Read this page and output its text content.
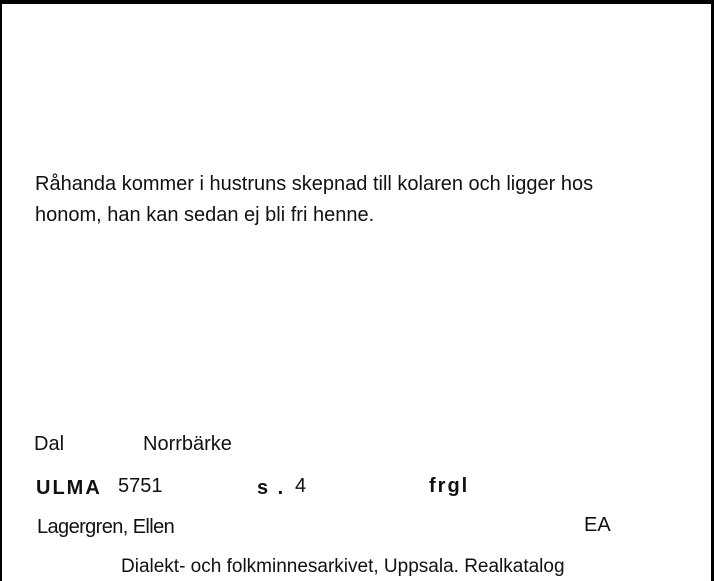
Råhanda kommer i hustruns skepnad till kolaren och ligger hos
honom, han kan sedan ej bli fri henne.
Dal	Norrbärke
ULMA 5751	s . 4	frgl
Lagergren, Ellen	EA
Dialekt- och folkminnesarkivet, Uppsala. Realkatalog
